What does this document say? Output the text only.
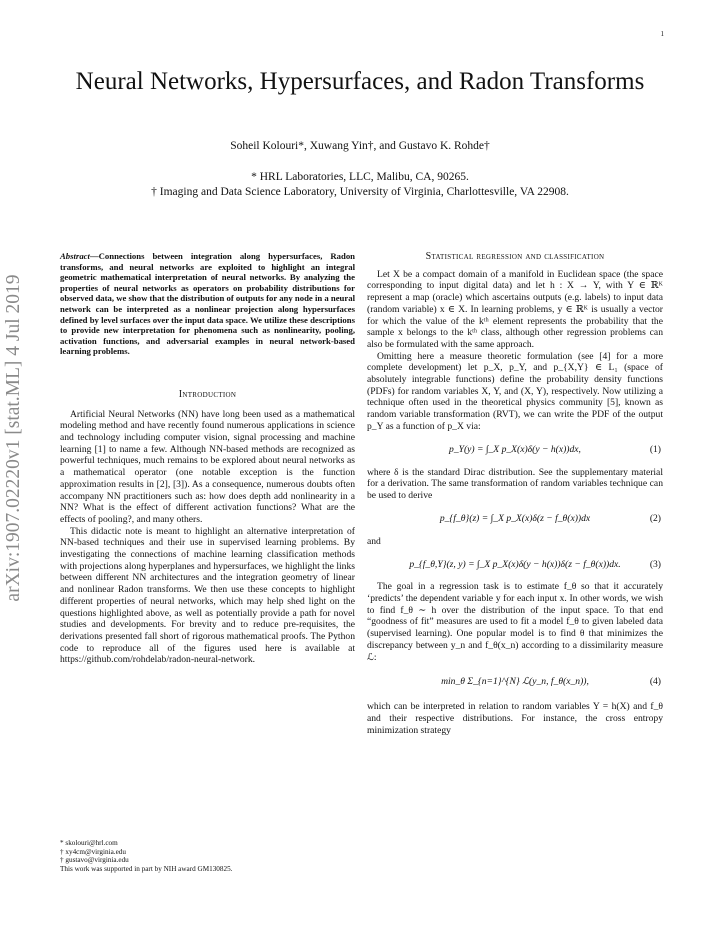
1
arXiv:1907.02220v1 [stat.ML] 4 Jul 2019
Neural Networks, Hypersurfaces, and Radon Transforms
Soheil Kolouri*, Xuwang Yin†, and Gustavo K. Rohde†
* HRL Laboratories, LLC, Malibu, CA, 90265.
† Imaging and Data Science Laboratory, University of Virginia, Charlottesville, VA 22908.
Abstract—Connections between integration along hypersurfaces, Radon transforms, and neural networks are exploited to highlight an integral geometric mathematical interpretation of neural networks. By analyzing the properties of neural networks as operators on probability distributions for observed data, we show that the distribution of outputs for any node in a neural network can be interpreted as a nonlinear projection along hypersurfaces defined by level surfaces over the input data space. We utilize these descriptions to provide new interpretation for phenomena such as nonlinearity, pooling, activation functions, and adversarial examples in neural network-based learning problems.
Introduction

Artificial Neural Networks (NN) have long been used as a mathematical modeling method and have recently found numerous applications in science and technology including computer vision, signal processing and machine learning [1] to name a few. Although NN-based methods are recognized as powerful techniques, much remains to be explored about neural networks as a mathematical operator (one notable exception is the function approximation results in [2], [3]). As a consequence, numerous doubts often accompany NN practitioners such as: how does depth add nonlinearity in a NN? What is the effect of different activation functions? What are the effects of pooling?, and many others.

This didactic note is meant to highlight an alternative interpretation of NN-based techniques and their use in supervised learning problems. By investigating the connections of machine learning classification methods with projections along hyperplanes and hypersurfaces, we highlight the links between different NN architectures and the integration geometry of linear and nonlinear Radon transforms. We then use these concepts to highlight different properties of neural networks, which may help shed light on the questions highlighted above, as well as potentially provide a path for novel studies and developments. For brevity and to reduce pre-requisites, the derivations presented fall short of rigorous mathematical proofs. The Python code to reproduce all of the figures used here is available at https://github.com/rohdelab/radon-neural-network.

* skolouri@hrl.com
† xy4cm@virginia.edu
† gustavo@virginia.edu
This work was supported in part by NIH award GM130825.
Statistical regression and classification

Let X be a compact domain of a manifold in Euclidean space (the space corresponding to input digital data) and let h : X → Y, with Y ∈ ℝᴷ represent a map (oracle) which ascertains outputs (e.g. labels) to input data (random variable) x ∈ X. In learning problems, y ∈ ℝᴷ is usually a vector for which the value of the kᵗʰ element represents the probability that the sample x belongs to the kᵗʰ class, although other regression problems can also be formulated with the same approach.

Omitting here a measure theoretic formulation (see [4] for a more complete development) let p_X, p_Y, and p_{X,Y} ∈ L₁ (space of absolutely integrable functions) define the probability density functions (PDFs) for random variables X, Y, and (X, Y), respectively. Now utilizing a technique often used in the theoretical physics community [5], known as random variable transformation (RVT), we can write the PDF of the output p_Y as a function of p_X via:

p_Y(y) = ∫_X p_X(x)δ(y − h(x))dx,	(1)

where δ is the standard Dirac distribution. See the supplementary material for a derivation. The same transformation of random variables technique can be used to derive

p_{f_θ}(z) = ∫_X p_X(x)δ(z − f_θ(x))dx	(2)

and

p_{f_θ,Y}(z, y) = ∫_X p_X(x)δ(y − h(x))δ(z − f_θ(x))dx.	(3)

The goal in a regression task is to estimate f_θ so that it accurately ‘predicts’ the dependent variable y for each input x. In other words, we wish to find f_θ ∼ h over the distribution of the input space. To that end “goodness of fit” measures are used to fit a model f_θ to given labeled data (supervised learning). One popular model is to find θ that minimizes the discrepancy between y_n and f_θ(x_n) according to a dissimilarity measure ℒ:

min_θ Σ_{n=1}^{N} ℒ(y_n, f_θ(x_n)),	(4)

which can be interpreted in relation to random variables Y = h(X) and f_θ and their respective distributions. For instance, the cross entropy minimization strategy
